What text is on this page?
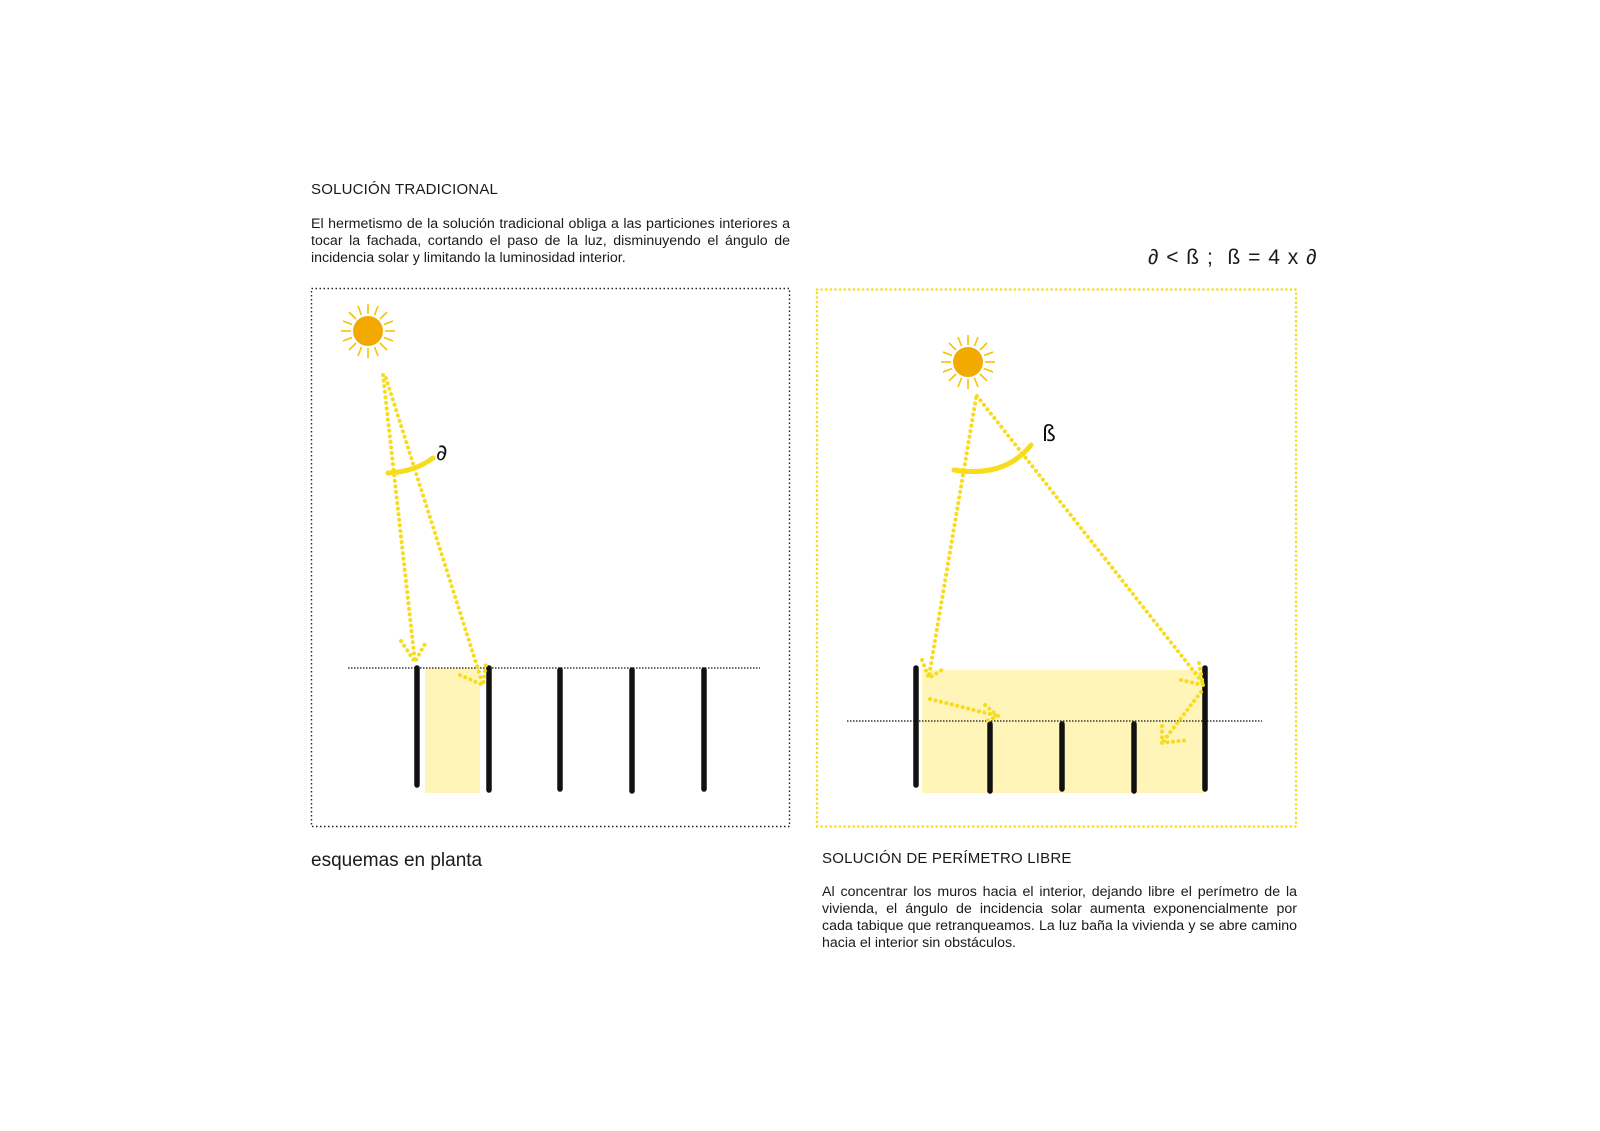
SOLUCIÓN TRADICIONAL

El hermetismo de la solución tradicional obliga a las particiones interiores a tocar la fachada, cortando el paso de la luz, disminuyendo el ángulo de incidencia solar y limitando la luminosidad interior.	∂ < ß ;  ß = 4 x ∂

esquemas en planta	SOLUCIÓN DE PERÍMETRO LIBRE

Al concentrar los muros hacia el interior, dejando libre el perímetro de la vivienda, el ángulo de incidencia solar aumenta exponencialmente por cada tabique que retranqueamos. La luz baña la vivienda y se abre camino hacia el interior sin obstáculos.

∂
ß
